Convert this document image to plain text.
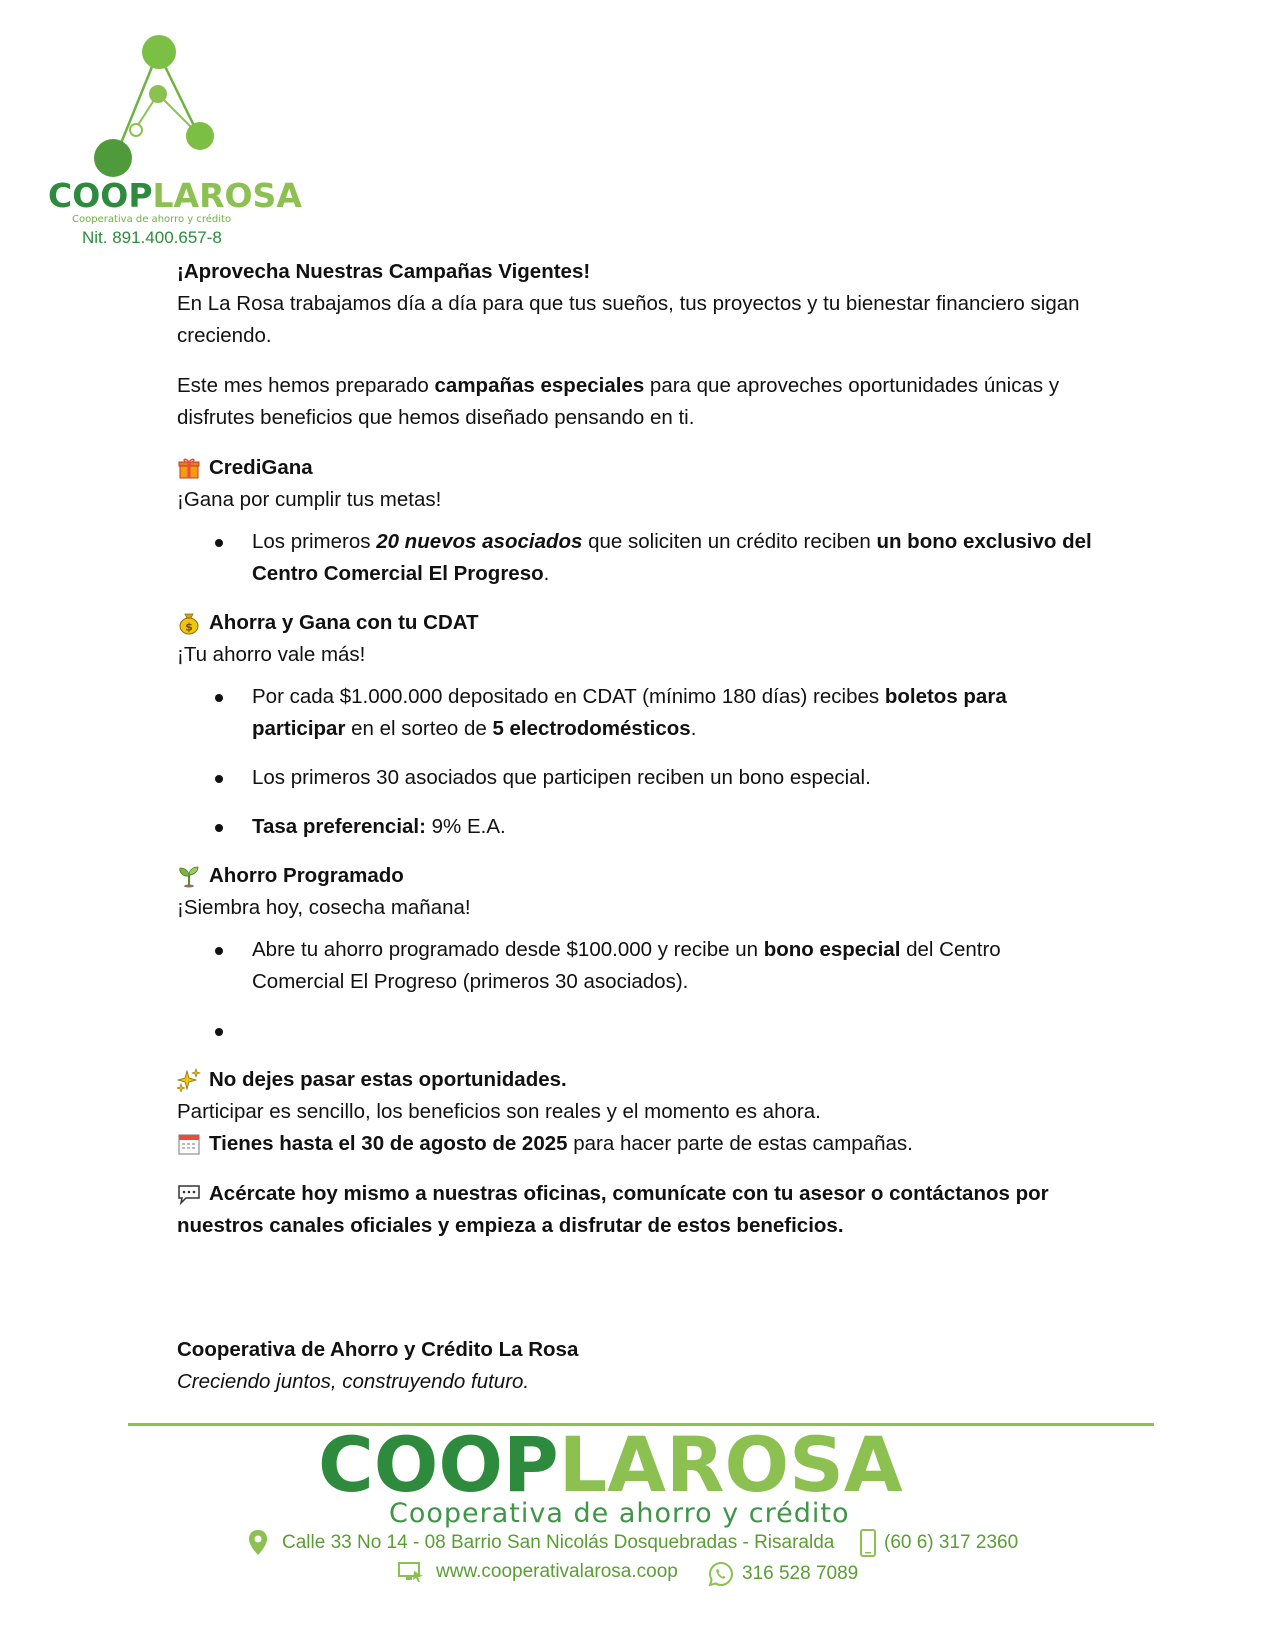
COOPLAROSA
Cooperativa de ahorro y crédito
Nit. 891.400.657-8

¡Aprovecha Nuestras Campañas Vigentes!

En La Rosa trabajamos día a día para que tus sueños, tus proyectos y tu bienestar financiero sigan

creciendo.

Este mes hemos preparado campañas especiales para que aproveches oportunidades únicas y

disfrutes beneficios que hemos diseñado pensando en ti.

CrediGana

¡Gana por cumplir tus metas!

Los primeros 20 nuevos asociados que soliciten un crédito reciben un bono exclusivo del
Centro Comercial El Progreso.
$ Ahorra y Gana con tu CDAT

¡Tu ahorro vale más!

Por cada $1.000.000 depositado en CDAT (mínimo 180 días) recibes boletos para
participar en el sorteo de 5 electrodomésticos.
Los primeros 30 asociados que participen reciben un bono especial.
Tasa preferencial: 9% E.A.
Ahorro Programado

¡Siembra hoy, cosecha mañana!

Abre tu ahorro programado desde $100.000 y recibe un bono especial del Centro
Comercial El Progreso (primeros 30 asociados).
No dejes pasar estas oportunidades.

Participar es sencillo, los beneficios son reales y el momento es ahora.

Tienes hasta el 30 de agosto de 2025 para hacer parte de estas campañas.

Acércate hoy mismo a nuestras oficinas, comunícate con tu asesor o contáctanos por

nuestros canales oficiales y empieza a disfrutar de estos beneficios.

Cooperativa de Ahorro y Crédito La Rosa

Creciendo juntos, construyendo futuro.

COOPLAROSA
Cooperativa de ahorro y crédito
Calle 33 No 14 - 08 Barrio San Nicolás Dosquebradas - Risaralda	(60 6) 317 2360
www.cooperativalarosa.coop	316 528 7089
